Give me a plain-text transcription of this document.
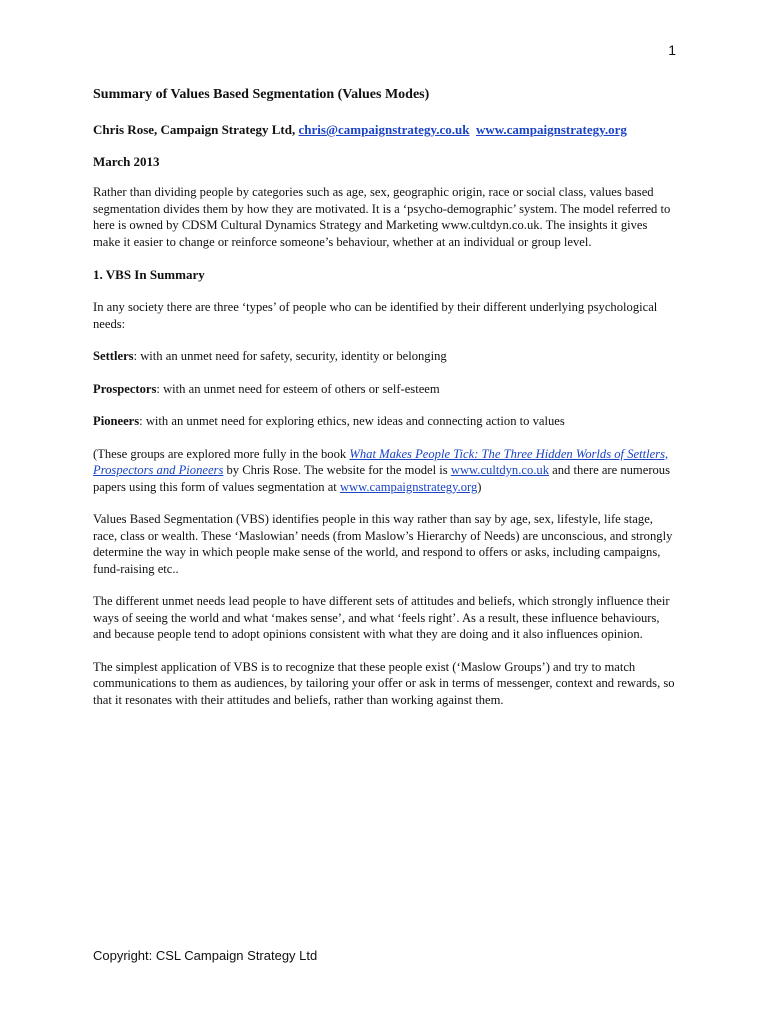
1
Summary of Values Based Segmentation (Values Modes)

Chris Rose, Campaign Strategy Ltd, chris@campaignstrategy.co.uk www.campaignstrategy.org

March 2013

Rather than dividing people by categories such as age, sex, geographic origin, race or social class, values based segmentation divides them by how they are motivated. It is a ‘psycho-demographic’ system. The model referred to here is owned by CDSM Cultural Dynamics Strategy and Marketing www.cultdyn.co.uk. The insights it gives make it easier to change or reinforce someone’s behaviour, whether at an individual or group level.

1. VBS In Summary

In any society there are three ‘types’ of people who can be identified by their different underlying psychological needs:

Settlers: with an unmet need for safety, security, identity or belonging

Prospectors: with an unmet need for esteem of others or self-esteem

Pioneers: with an unmet need for exploring ethics, new ideas and connecting action to values

(These groups are explored more fully in the book What Makes People Tick: The Three Hidden Worlds of Settlers, Prospectors and Pioneers by Chris Rose. The website for the model is www.cultdyn.co.uk and there are numerous papers using this form of values segmentation at www.campaignstrategy.org)

Values Based Segmentation (VBS) identifies people in this way rather than say by age, sex, lifestyle, life stage, race, class or wealth. These ‘Maslowian’ needs (from Maslow’s Hierarchy of Needs) are unconscious, and strongly determine the way in which people make sense of the world, and respond to offers or asks, including campaigns, fund-raising etc..

The different unmet needs lead people to have different sets of attitudes and beliefs, which strongly influence their ways of seeing the world and what ‘makes sense’, and what ‘feels right’. As a result, these influence behaviours, and because people tend to adopt opinions consistent with what they are doing and it also influences opinion.

The simplest application of VBS is to recognize that these people exist (‘Maslow Groups’) and try to match communications to them as audiences, by tailoring your offer or ask in terms of messenger, context and rewards, so that it resonates with their attitudes and beliefs, rather than working against them.

Copyright: CSL Campaign Strategy Ltd
